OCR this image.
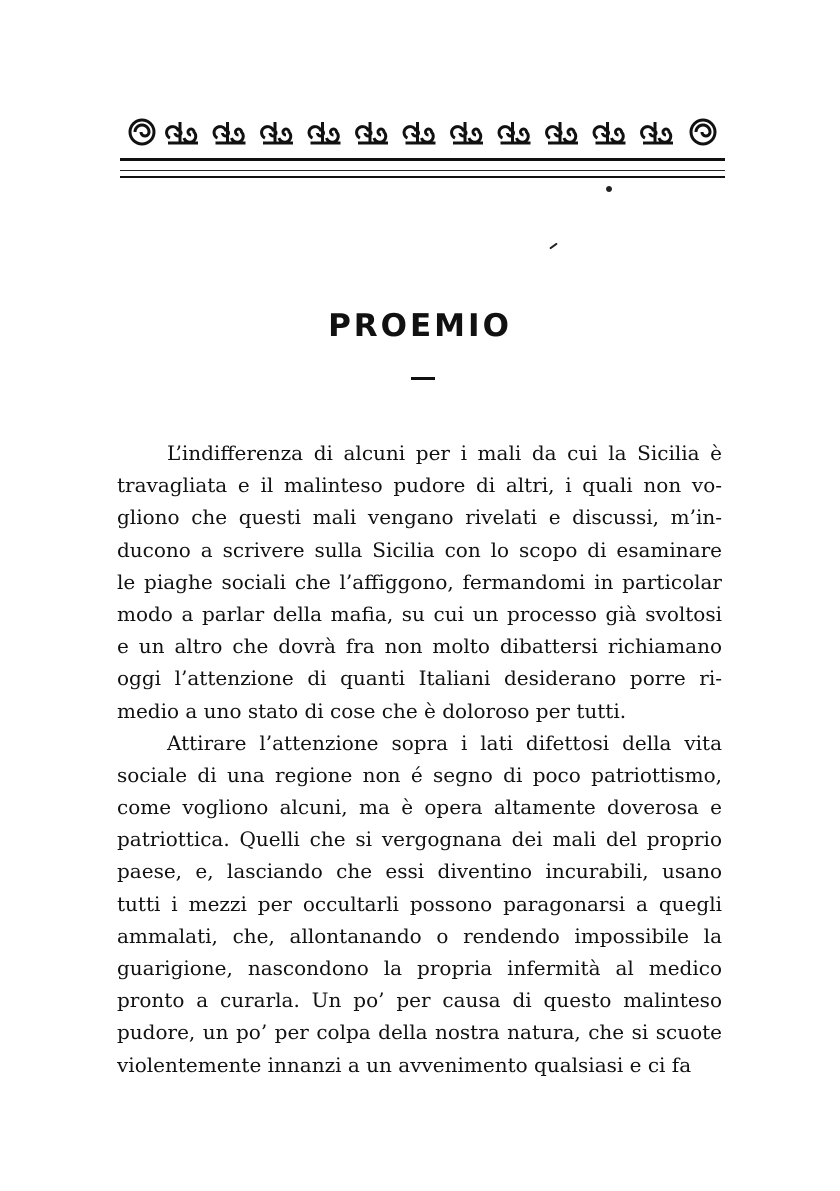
PROEMIO
L’indifferenza di alcuni per i mali da cui la Sicilia è
travagliata e il malinteso pudore di altri, i quali non vo-
gliono che questi mali vengano rivelati e discussi, m’in-
ducono a scrivere sulla Sicilia con lo scopo di esaminare
le piaghe sociali che l’affiggono, fermandomi in particolar
modo a parlar della mafia, su cui un processo già svoltosi
e un altro che dovrà fra non molto dibattersi richiamano
oggi l’attenzione di quanti Italiani desiderano porre ri-
medio a uno stato di cose che è doloroso per tutti.
Attirare l’attenzione sopra i lati difettosi della vita
sociale di una regione non é segno di poco patriottismo,
come vogliono alcuni, ma è opera altamente doverosa e
patriottica. Quelli che si vergognana dei mali del proprio
paese, e, lasciando che essi diventino incurabili, usano
tutti i mezzi per occultarli possono paragonarsi a quegli
ammalati, che, allontanando o rendendo impossibile la
guarigione, nascondono la propria infermità al medico
pronto a curarla. Un po’ per causa di questo malinteso
pudore, un po’ per colpa della nostra natura, che si scuote
violentemente innanzi a un avvenimento qualsiasi e ci fa
